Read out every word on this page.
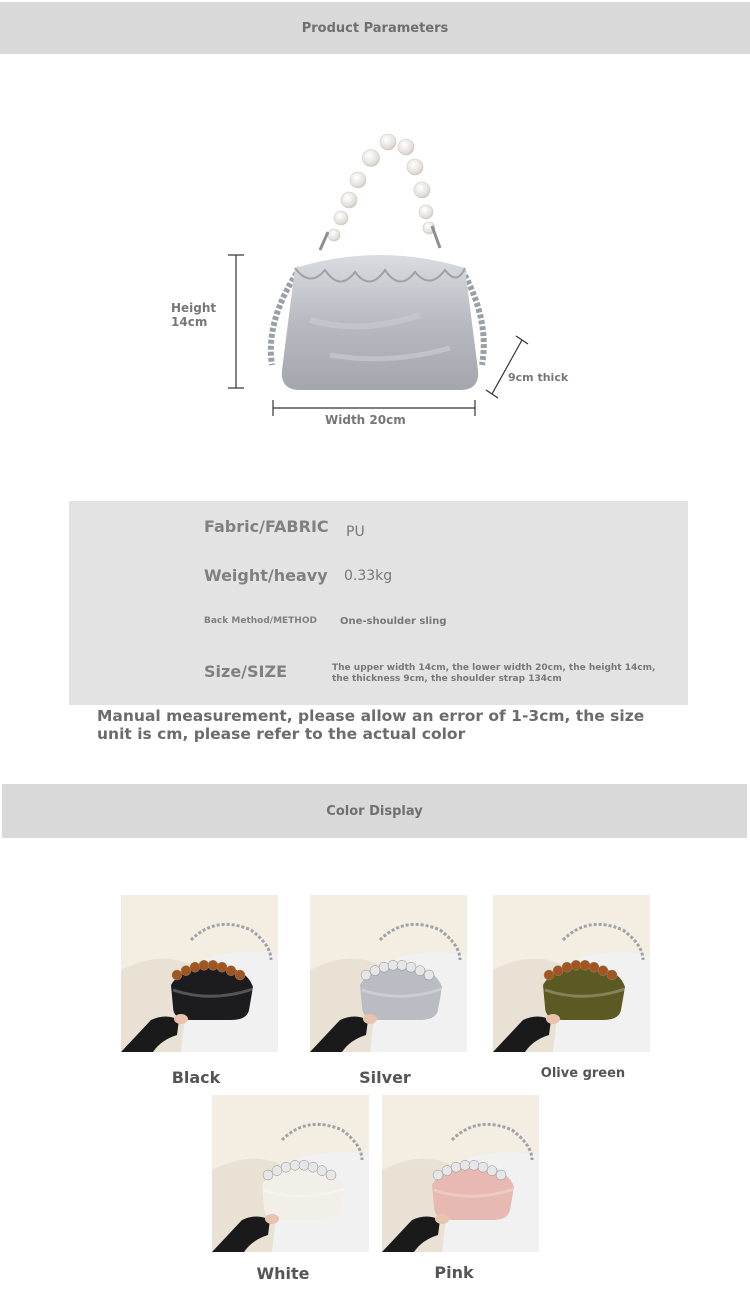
Product Parameters
Height
14cm
Width 20cm
9cm thick
Fabric/FABRIC PU
Weight/heavy 0.33kg
Back Method/METHOD One-shoulder sling
Size/SIZE	The upper width 14cm, the lower width 20cm, the height 14cm, the thickness 9cm, the shoulder strap 134cm
Manual measurement, please allow an error of 1-3cm, the size unit is cm, please refer to the actual color
Color Display
Black	Silver	Olive green
White	Pink
